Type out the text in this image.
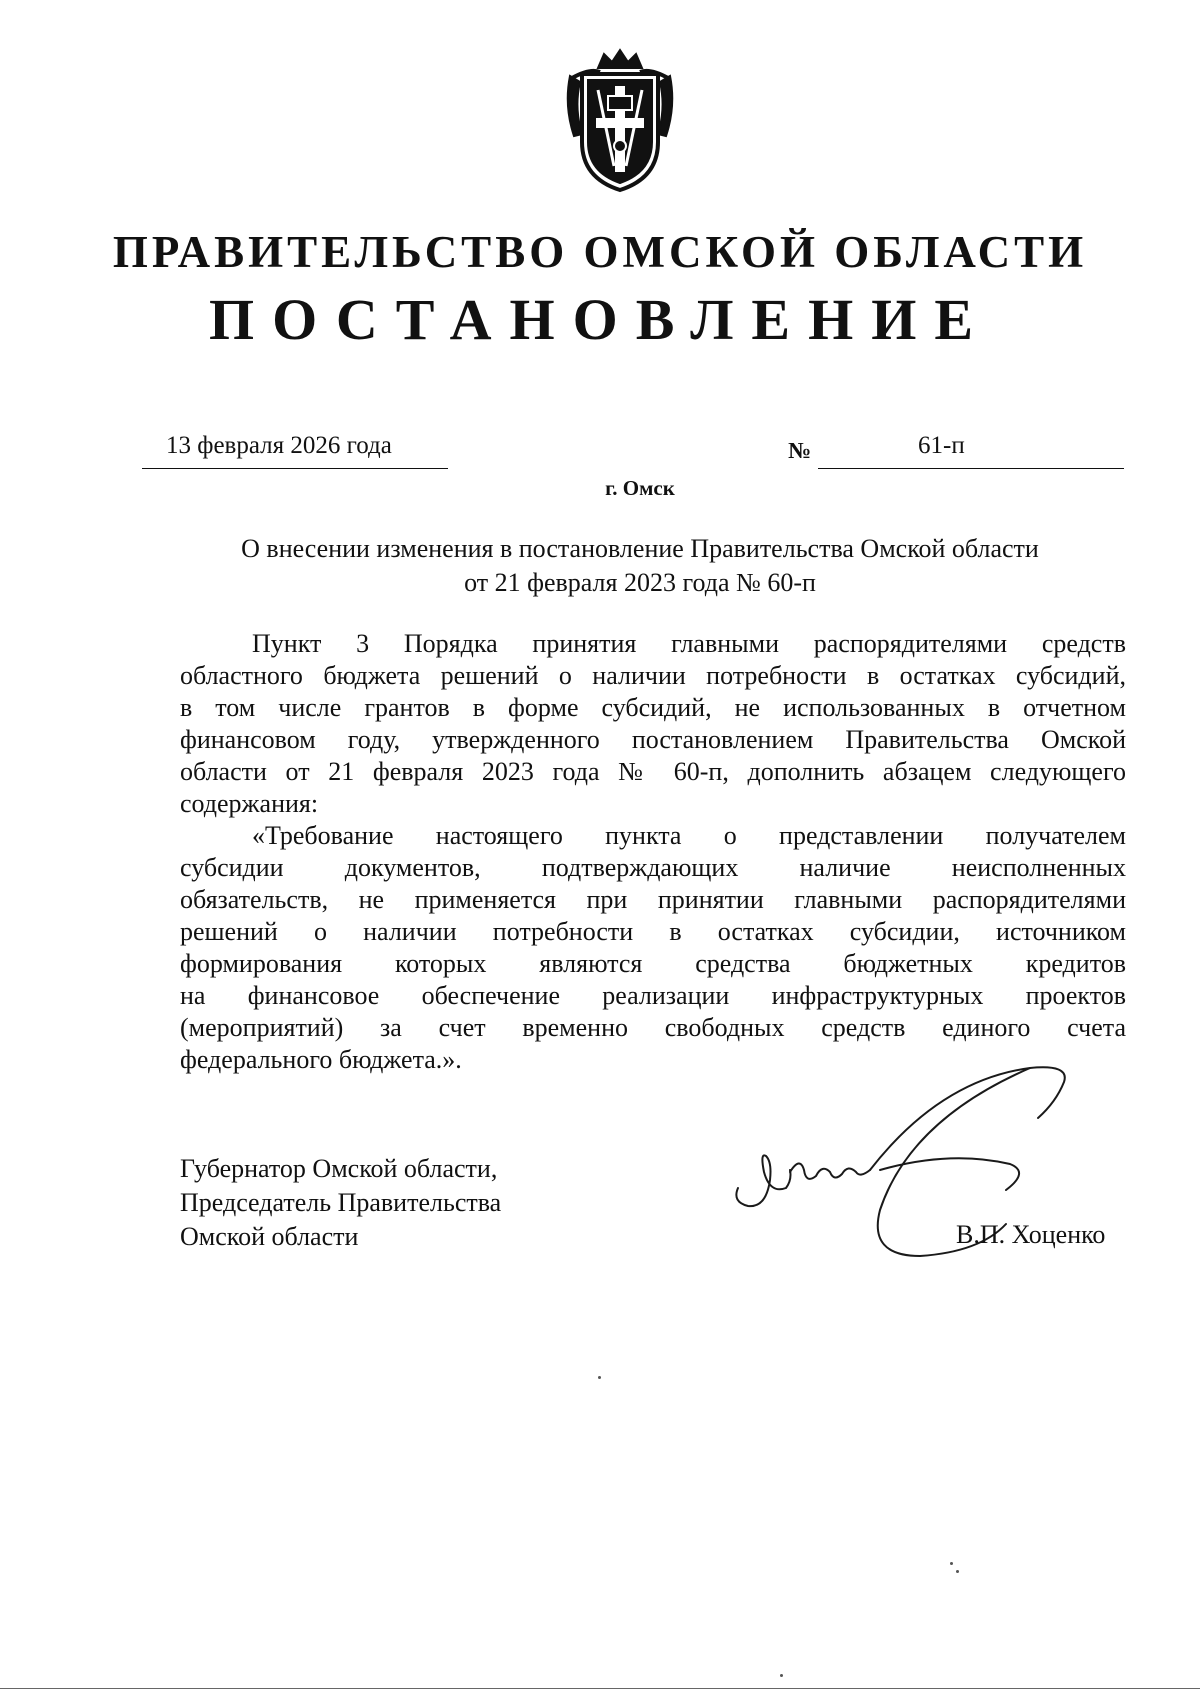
ПРАВИТЕЛЬСТВО ОМСКОЙ ОБЛАСТИ
ПОСТАНОВЛЕНИЕ
13 февраля 2026 года	№	61-п
г. Омск
О внесении изменения в постановление Правительства Омской области
от 21 февраля 2023 года № 60-п
Пункт 3 Порядка принятия главными распорядителями средств
областного бюджета решений о наличии потребности в остатках субсидий,
в том числе грантов в форме субсидий, не использованных в отчетном
финансовом году, утвержденного постановлением Правительства Омской
области от 21 февраля 2023 года № 60-п, дополнить абзацем следующего
содержания:
«Требование настоящего пункта о представлении получателем
субсидии документов, подтверждающих наличие неисполненных
обязательств, не применяется при принятии главными распорядителями
решений о наличии потребности в остатках субсидии, источником
формирования которых являются средства бюджетных кредитов
на финансовое обеспечение реализации инфраструктурных проектов
(мероприятий) за счет временно свободных средств единого счета
федерального бюджета.».
Губернатор Омской области,
Председатель Правительства
Омской области	В.П. Хоценко
